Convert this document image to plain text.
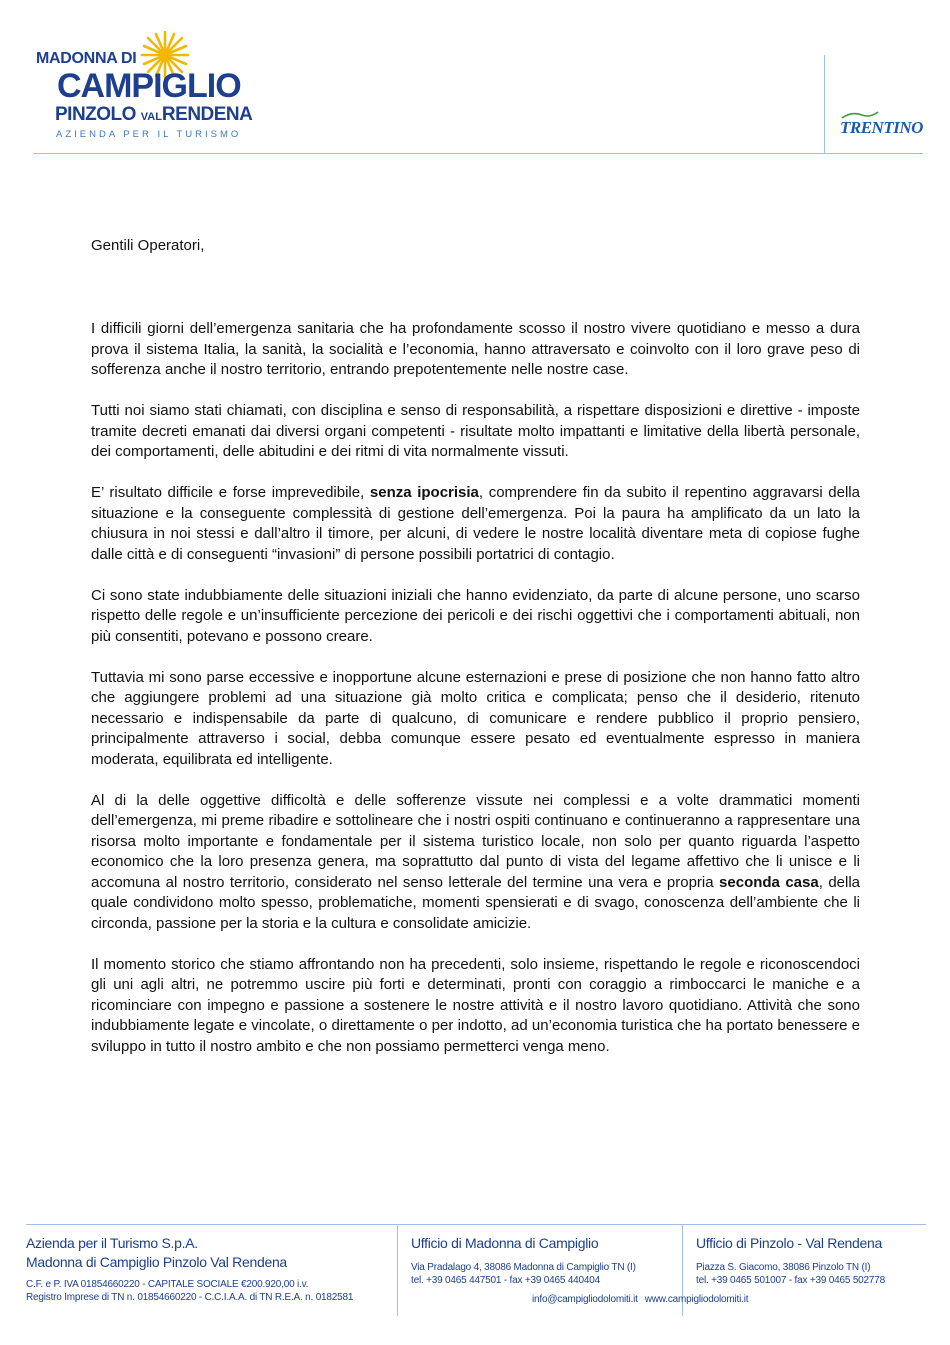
MADONNA DI
CAMPIGLIO
PINZOLO VALRENDENA
AZIENDA PER IL TURISMO	TRENTINO
Gentili Operatori,

I difficili giorni dell’emergenza sanitaria che ha profondamente scosso il nostro vivere quotidiano e messo a dura prova il sistema Italia, la sanità, la socialità e l’economia, hanno attraversato e coinvolto con il loro grave peso di sofferenza anche il nostro territorio, entrando prepotentemente nelle nostre case.

Tutti noi siamo stati chiamati, con disciplina e senso di responsabilità, a rispettare disposizioni e direttive - imposte tramite decreti emanati dai diversi organi competenti - risultate molto impattanti e limitative della libertà personale, dei comportamenti, delle abitudini e dei ritmi di vita normalmente vissuti.

E’ risultato difficile e forse imprevedibile, senza ipocrisia, comprendere fin da subito il repentino aggravarsi della situazione e la conseguente complessità di gestione dell’emergenza. Poi la paura ha amplificato da un lato la chiusura in noi stessi e dall’altro il timore, per alcuni, di vedere le nostre località diventare meta di copiose fughe dalle città e di conseguenti “invasioni” di persone possibili portatrici di contagio.

Ci sono state indubbiamente delle situazioni iniziali che hanno evidenziato, da parte di alcune persone, uno scarso rispetto delle regole e un’insufficiente percezione dei pericoli e dei rischi oggettivi che i comportamenti abituali, non più consentiti, potevano e possono creare.

Tuttavia mi sono parse eccessive e inopportune alcune esternazioni e prese di posizione che non hanno fatto altro che aggiungere problemi ad una situazione già molto critica e complicata; penso che il desiderio, ritenuto necessario e indispensabile da parte di qualcuno, di comunicare e rendere pubblico il proprio pensiero, principalmente attraverso i social, debba comunque essere pesato ed eventualmente espresso in maniera moderata, equilibrata ed intelligente.

Al di la delle oggettive difficoltà e delle sofferenze vissute nei complessi e a volte drammatici momenti dell’emergenza, mi preme ribadire e sottolineare che i nostri ospiti continuano e continueranno a rappresentare una risorsa molto importante e fondamentale per il sistema turistico locale, non solo per quanto riguarda l’aspetto economico che la loro presenza genera, ma soprattutto dal punto di vista del legame affettivo che li unisce e li accomuna al nostro territorio, considerato nel senso letterale del termine una vera e propria seconda casa, della quale condividono molto spesso, problematiche, momenti spensierati e di svago, conoscenza dell’ambiente che li circonda, passione per la storia e la cultura e consolidate amicizie.

Il momento storico che stiamo affrontando non ha precedenti, solo insieme, rispettando le regole e riconoscendoci gli uni agli altri, ne potremmo uscire più forti e determinati, pronti con coraggio a rimboccarci le maniche e a ricominciare con impegno e passione a sostenere le nostre attività e il nostro lavoro quotidiano. Attività che sono indubbiamente legate e vincolate, o direttamente o per indotto, ad un’economia turistica che ha portato benessere e sviluppo in tutto il nostro ambito e che non possiamo permetterci venga meno.

Azienda per il Turismo S.p.A.
Madonna di Campiglio Pinzolo Val Rendena
C.F. e P. IVA 01854660220 - CAPITALE SOCIALE €200.920,00 i.v.
Registro Imprese di TN n. 01854660220 - C.C.I.A.A. di TN R.E.A. n. 0182581
Ufficio di Madonna di Campiglio
Via Pradalago 4, 38086 Madonna di Campiglio TN (I)
tel. +39 0465 447501 - fax +39 0465 440404
Ufficio di Pinzolo - Val Rendena
Piazza S. Giacomo, 38086 Pinzolo TN (I)
tel. +39 0465 501007 - fax +39 0465 502778
info@campigliodolomiti.it www.campigliodolomiti.it
